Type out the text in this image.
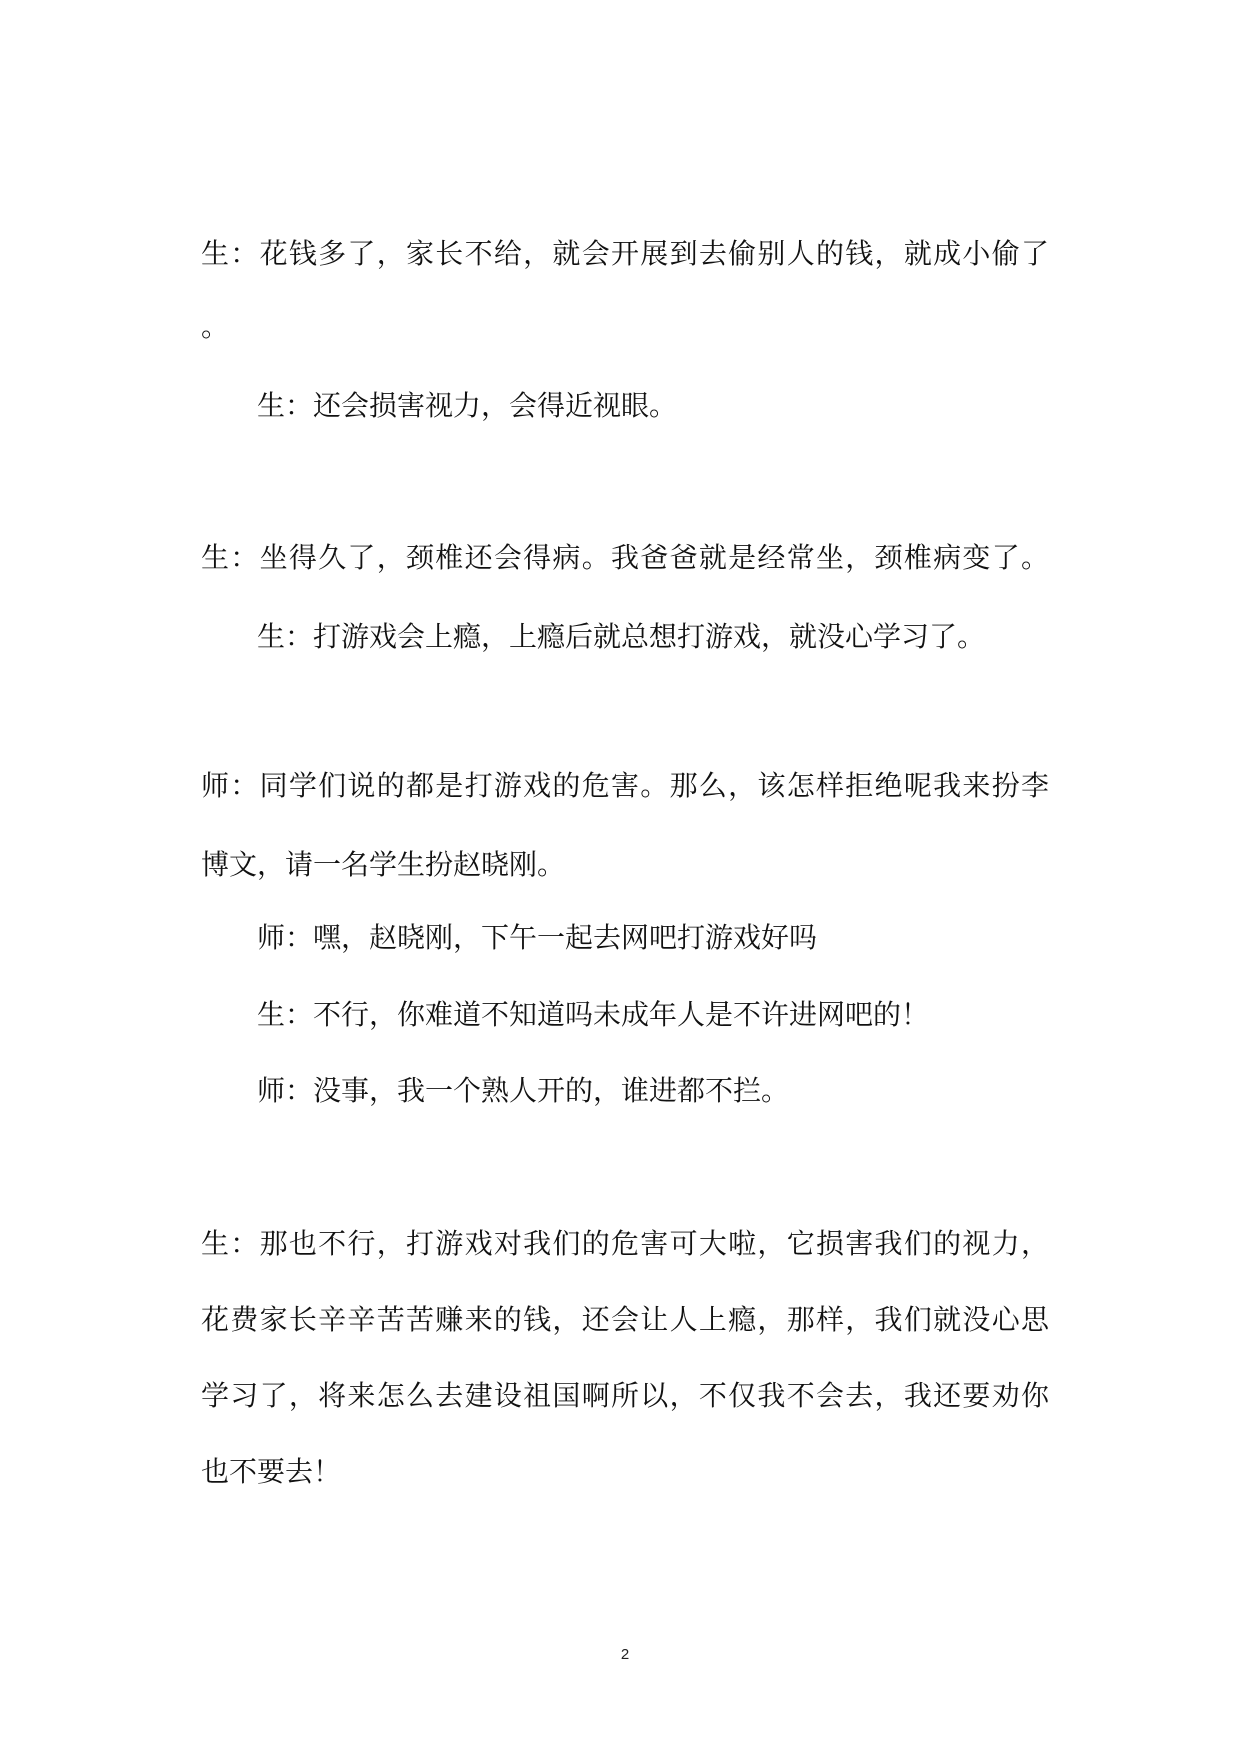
生：花钱多了，家长不给，就会开展到去偷别人的钱，就成小偷了
。
生：还会损害视力，会得近视眼。
生：坐得久了，颈椎还会得病。我爸爸就是经常坐，颈椎病变了。
生：打游戏会上瘾，上瘾后就总想打游戏，就没心学习了。
师：同学们说的都是打游戏的危害。那么，该怎样拒绝呢我来扮李
博文，请一名学生扮赵晓刚。
师：嘿，赵晓刚，下午一起去网吧打游戏好吗
生：不行，你难道不知道吗未成年人是不许进网吧的！
师：没事，我一个熟人开的，谁进都不拦。
生：那也不行，打游戏对我们的危害可大啦，它损害我们的视力，
花费家长辛辛苦苦赚来的钱，还会让人上瘾，那样，我们就没心思
学习了，将来怎么去建设祖国啊所以，不仅我不会去，我还要劝你
也不要去！
2
